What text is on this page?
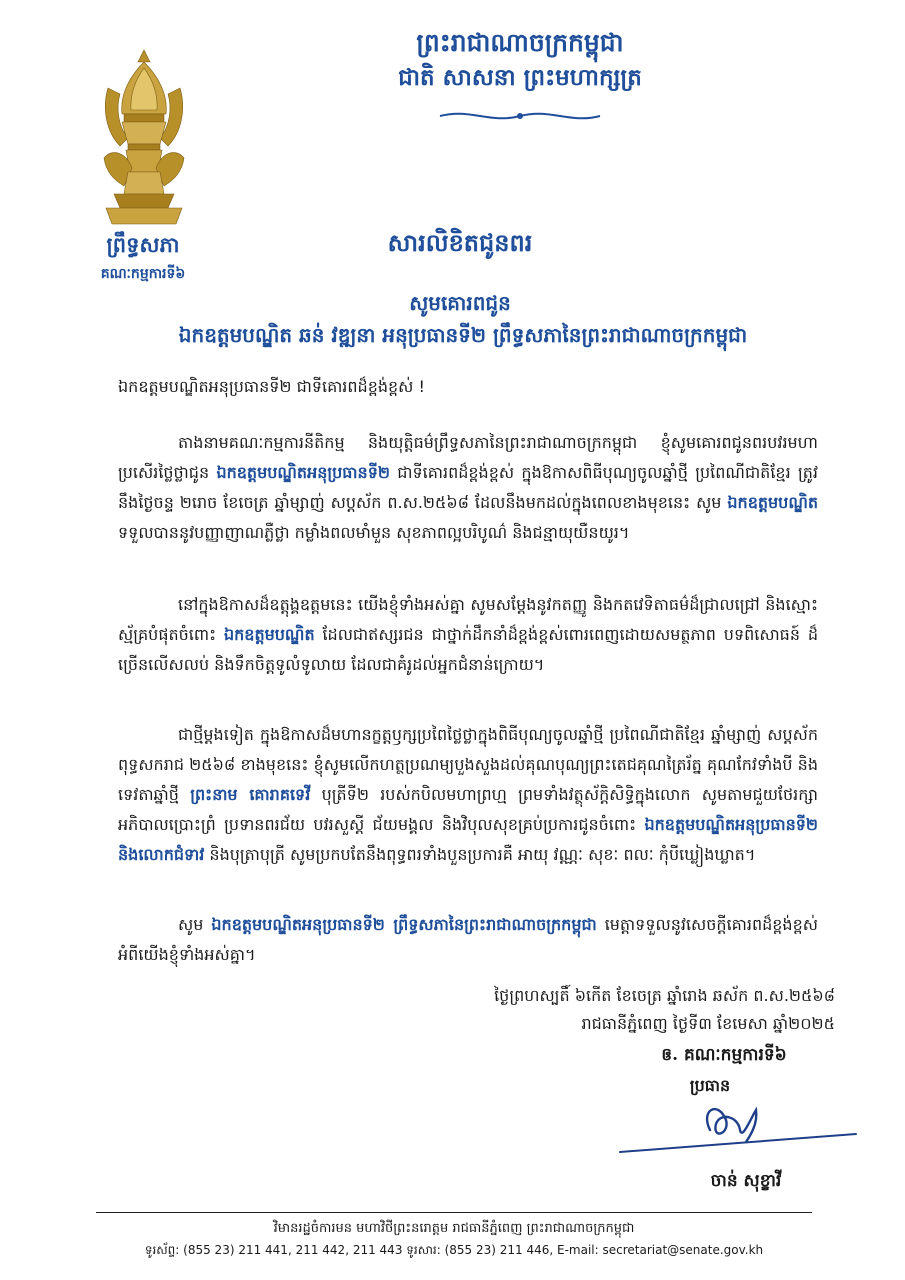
ព្រឹទ្ធសភា
គណៈកម្មការទី៦
ព្រះរាជាណាចក្រកម្ពុជា
ជាតិ សាសនា ព្រះមហាក្សត្រ
សារលិខិតជូនពរ
សូមគោរពជូន
ឯកឧត្តមបណ្ឌិត ឆន់ វឌ្ឍនា អនុប្រធានទី២ ព្រឹទ្ធសភានៃព្រះរាជាណាចក្រកម្ពុជា
ឯកឧត្តមបណ្ឌិតអនុប្រធានទី២ ជាទីគោរពដ៏ខ្ពង់ខ្ពស់ !
តាងនាមគណៈកម្មការនីតិកម្ម និងយុត្តិធម៌ព្រឹទ្ធសភានៃព្រះរាជាណាចក្រកម្ពុជា ខ្ញុំសូមគោរពជូនពរបវរមហាប្រសើរថ្លៃថ្លាជូន ឯកឧត្តមបណ្ឌិតអនុប្រធានទី២ ជាទីគោរពដ៏ខ្ពង់ខ្ពស់ ក្នុងឱកាសពិធីបុណ្យចូលឆ្នាំថ្មី ប្រពៃណីជាតិខ្មែរ ត្រូវនឹងថ្ងៃចន្ទ ២រោច ខែចេត្រ ឆ្នាំម្សាញ់ សប្តស័ក ព.ស.២៥៦៨ ដែលនឹងមកដល់ក្នុងពេលខាងមុខនេះ សូម ឯកឧត្តមបណ្ឌិត ទទួលបាននូវបញ្ញាញាណភ្លឺថ្លា កម្លាំងពលមាំមួន សុខភាពល្អបរិបូណ៌ និងជន្មាយុយឺនយូរ។
នៅក្នុងឱកាសដ៏ឧត្តុង្គឧត្តមនេះ យើងខ្ញុំទាំងអស់គ្នា សូមសម្តែងនូវកតញ្ញូ និងកតវេទិតាធម៌ដ៏ជ្រាលជ្រៅ និងស្មោះស្ម័គ្របំផុតចំពោះ ឯកឧត្តមបណ្ឌិត ដែលជាឥស្សរជន ជាថ្នាក់ដឹកនាំដ៏ខ្ពង់ខ្ពស់ពោរពេញដោយសមត្ថភាព បទពិសោធន៍ ដ៏ច្រើនលើសលប់ និងទឹកចិត្តទូលំទូលាយ ដែលជាគំរូដល់អ្នកជំនាន់ក្រោយ។
ជាថ្មីម្តងទៀត ក្នុងឱកាសដ៏មហានក្ខត្តឫក្សប្រពៃថ្លៃថ្លាក្នុងពិធីបុណ្យចូលឆ្នាំថ្មី ប្រពៃណីជាតិខ្មែរ ឆ្នាំម្សាញ់ សប្តស័ក ពុទ្ធសករាជ ២៥៦៨ ខាងមុខនេះ ខ្ញុំសូមលើកហត្ថប្រណម្យបួងសួងដល់គុណបុណ្យព្រះតេជគុណត្រៃរ័ត្ន គុណកែវទាំងបី និងទេវតាឆ្នាំថ្មី ព្រះនាម គោរាគទេវី បុត្រីទី២ របស់កបិលមហាព្រហ្ម ព្រមទាំងវត្ថុស័ក្តិសិទ្ធិក្នុងលោក សូមតាមជួយថែរក្សាអភិបាលប្រោះព្រំ ប្រទានពរជ័យ បវរសួស្តី ជ័យមង្គល និងវិបុលសុខគ្រប់ប្រការជូនចំពោះ ឯកឧត្តមបណ្ឌិតអនុប្រធានទី២ និងលោកជំទាវ និងបុត្រាបុត្រី សូមប្រកបតែនឹងពុទ្ធពរទាំងបួនប្រការគឺ អាយុ វណ្ណៈ សុខៈ ពលៈ កុំបីឃ្លៀងឃ្លាត។
សូម ឯកឧត្តមបណ្ឌិតអនុប្រធានទី២ ព្រឹទ្ធសភានៃព្រះរាជាណាចក្រកម្ពុជា មេត្តាទទួលនូវសេចក្តីគោរពដ៏ខ្ពង់ខ្ពស់អំពីយើងខ្ញុំទាំងអស់គ្នា។
ថ្ងៃព្រហស្បតិ៍ ៦កើត ខែចេត្រ ឆ្នាំរោង ឆស័ក ព.ស.២៥៦៨
រាជធានីភ្នំពេញ ថ្ងៃទី៣ ខែមេសា ឆ្នាំ២០២៥
ឲ. គណៈកម្មការទី៦
ប្រធាន
ចាន់ សុខ្ខាវី
វិមានរដ្ឋចំការមន មហាវិថីព្រះនរោត្តម រាជធានីភ្នំពេញ ព្រះរាជាណាចក្រកម្ពុជា
ទូរស័ព្ទ: (855 23) 211 441, 211 442, 211 443 ទូរសារ: (855 23) 211 446, E-mail: secretariat@senate.gov.kh
